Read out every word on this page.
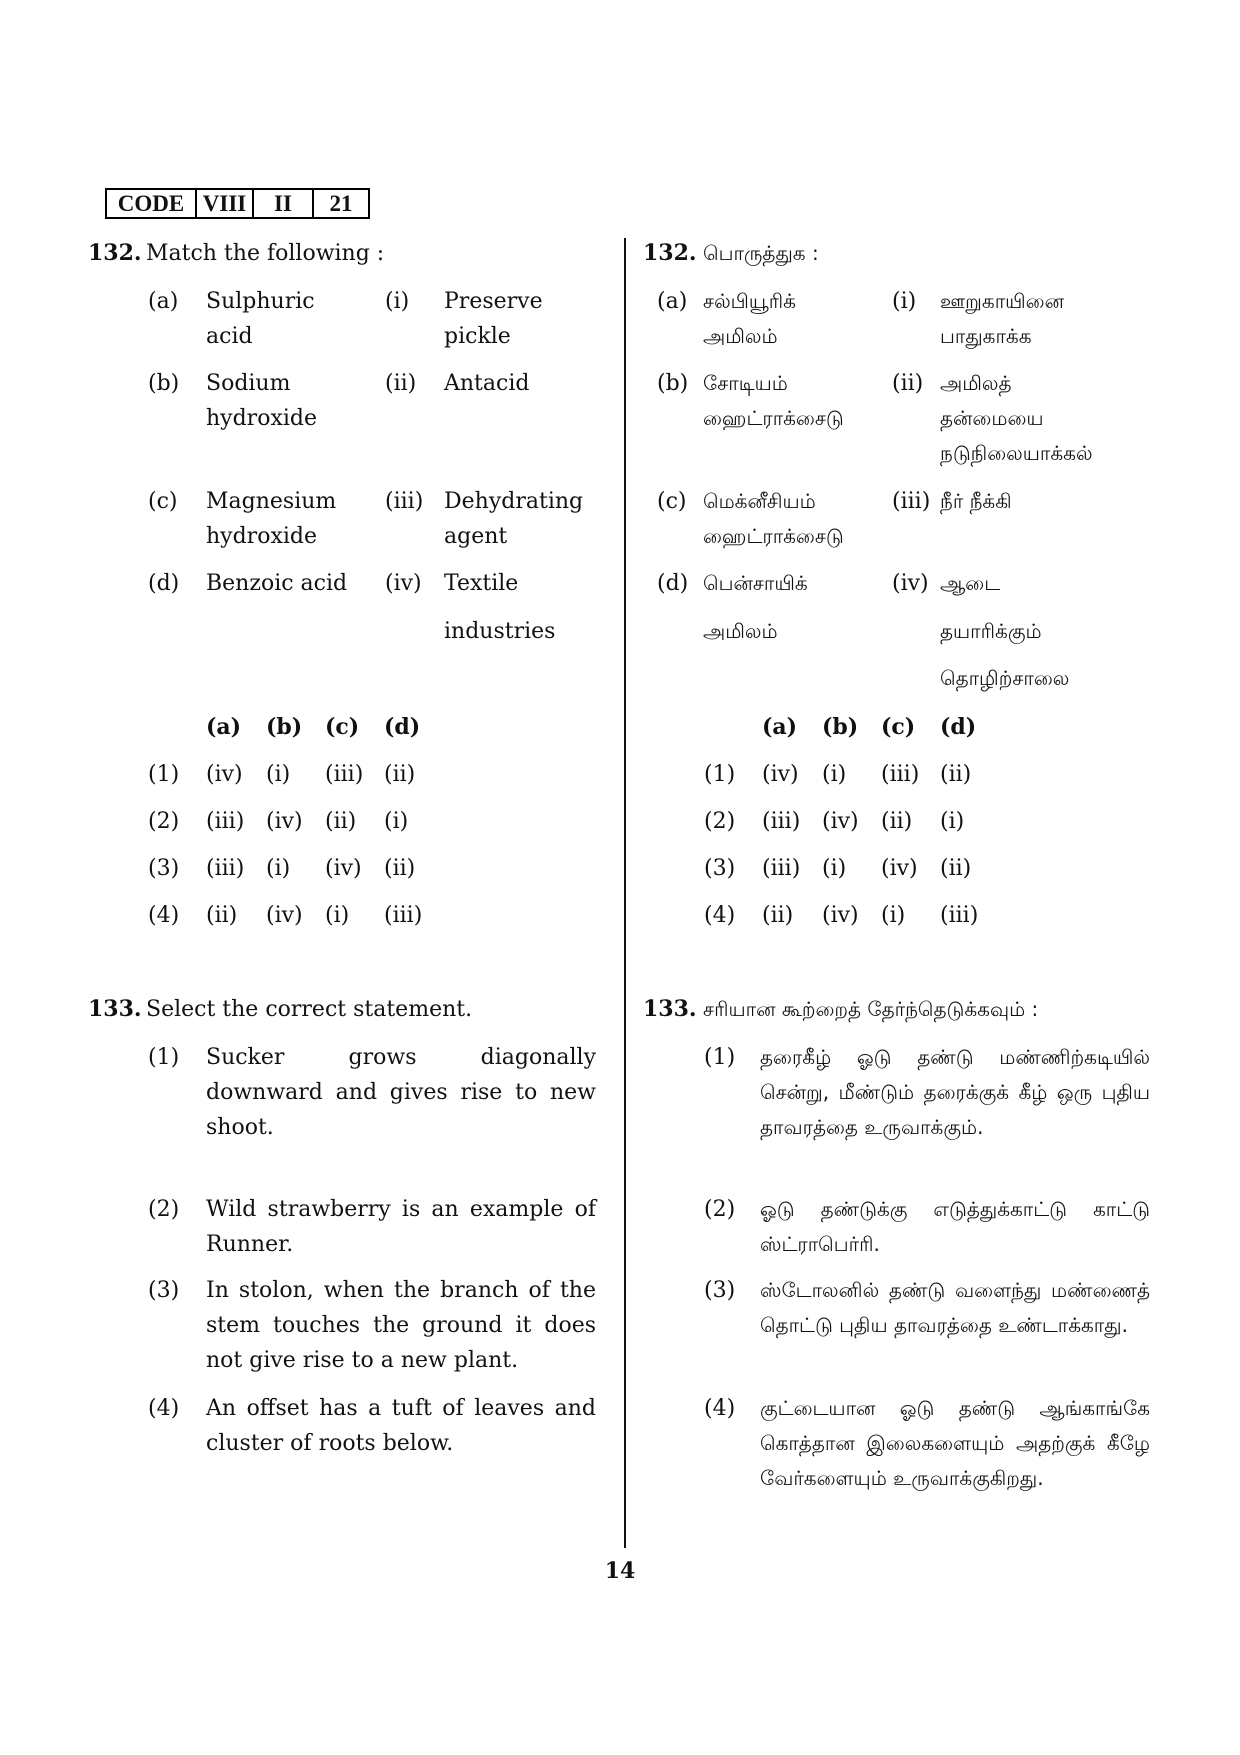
CODE VIII	II	21
132. Match the following :
(a) Sulphuric
acid
(i) Preserve
pickle
(b) Sodium
hydroxide
(ii) Antacid
(c) Magnesium
hydroxide
(iii) Dehydrating
agent
(d) Benzoic acid (iv) Textile
industries
(a) (b) (c) (d)
(1) (iv) (i) (iii) (ii)
(2) (iii) (iv) (ii) (i)
(3) (iii) (i) (iv) (ii)
(4) (ii) (iv) (i) (iii)
133. Select the correct statement.
(1) Sucker grows diagonally downward and gives rise to new shoot.
(2) Wild strawberry is an example of Runner.
(3) In stolon, when the branch of the stem touches the ground it does not give rise to a new plant.
(4) An offset has a tuft of leaves and cluster of roots below.
132. பொருத்துக :
(a) சல்பியூரிக்
அமிலம்
(i) ஊறுகாயினை
பாதுகாக்க
(b) சோடியம்
ஹைட்ராக்சைடு
(ii) அமிலத்
தன்மையை
நடுநிலையாக்கல்
(c) மெக்னீசியம்
ஹைட்ராக்சைடு
(iii) நீர் நீக்கி
(d) பென்சாயிக்
அமிலம்
(iv) ஆடை
தயாரிக்கும்
தொழிற்சாலை
(a) (b) (c) (d)
(1) (iv) (i) (iii) (ii)
(2) (iii) (iv) (ii) (i)
(3) (iii) (i) (iv) (ii)
(4) (ii) (iv) (i) (iii)
133. சரியான கூற்றைத் தேர்ந்தெடுக்கவும் :
(1) தரைகீழ் ஓடு தண்டு மண்ணிற்கடியில் சென்று, மீண்டும் தரைக்குக் கீழ் ஒரு புதிய தாவரத்தை உருவாக்கும்.
(2) ஓடு தண்டுக்கு எடுத்துக்காட்டு காட்டு ஸ்ட்ராபெர்ரி.
(3) ஸ்டோலனில் தண்டு வளைந்து மண்ணைத் தொட்டு புதிய தாவரத்தை உண்டாக்காது.
(4) குட்டையான ஓடு தண்டு ஆங்காங்கே கொத்தான இலைகளையும் அதற்குக் கீழே வேர்களையும் உருவாக்குகிறது.
14
